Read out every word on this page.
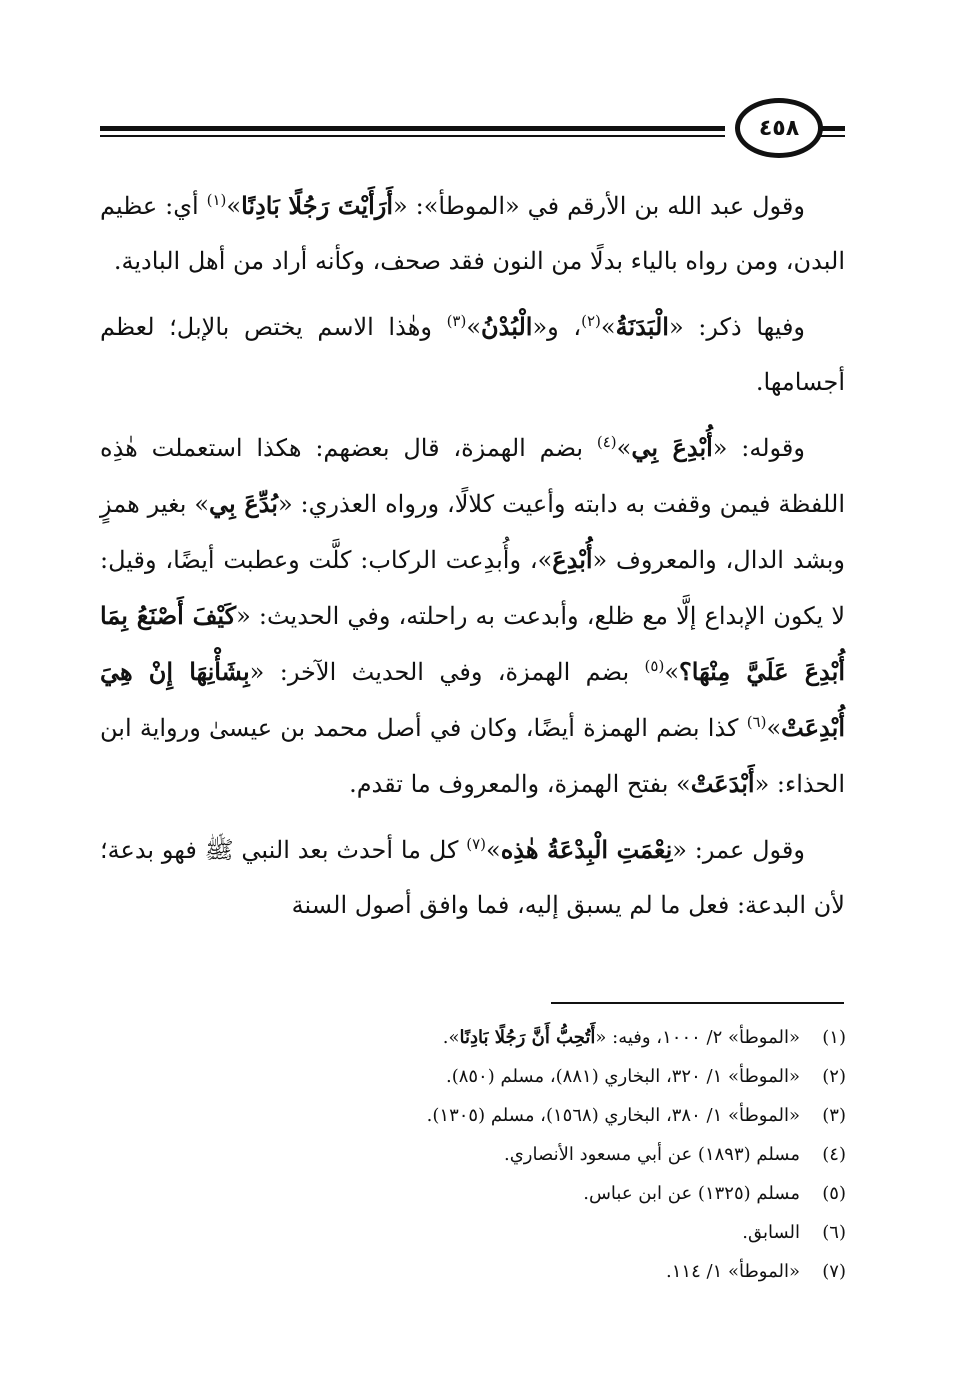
٤٥٨

وقول عبد الله بن الأرقم في «الموطأ»: «أَرَأَيْتَ رَجُلًا بَادِنًا»$^{(١)}$ أي: عظيم البدن، ومن رواه بالياء بدلًا من النون فقد صحف، وكأنه أراد من أهل البادية.

وفيها ذكر: «الْبَدَنَةُ»$^{(٢)}$، و«الْبُدْنُ»$^{(٣)}$ وهٰذا الاسم يختص بالإبل؛ لعظم أجسامها.

وقوله: «أُبْدِعَ بِي»$^{(٤)}$ بضم الهمزة، قال بعضهم: هكذا استعملت هٰذِه اللفظة فيمن وقفت به دابته وأعيت كلالًا، ورواه العذري: «بُدِّعَ بِي» بغير همزٍ وبشد الدال، والمعروف «أُبْدِعَ»، وأُبدِعت الركاب: كلَّت وعطبت أيضًا، وقيل: لا يكون الإبداع إلَّا مع ظلع، وأبدعت به راحلته، وفي الحديث: «كَيْفَ أَصْنَعُ بِمَا أُبْدِعَ عَلَيَّ مِنْهَا؟»$^{(٥)}$ بضم الهمزة، وفي الحديث الآخر: «بِشَأْنِهَا إِنْ هِيَ أُبْدِعَتْ»$^{(٦)}$ كذا بضم الهمزة أيضًا، وكان في أصل محمد بن عيسىٰ ورواية ابن الحذاء: «أَبْدَعَتْ» بفتح الهمزة، والمعروف ما تقدم.

وقول عمر: «نِعْمَتِ الْبِدْعَةُ هٰذِه»$^{(٧)}$ كل ما أحدث بعد النبي ﷺ فهو بدعة؛ لأن البدعة: فعل ما لم يسبق إليه، فما وافق أصول السنة

(١)
«الموطأ» ٢/ ١٠٠٠، وفيه: «أَتُحِبُّ أَنَّ رَجُلًا بَادِنًا».
(٢)
«الموطأ» ١/ ٣٢٠، البخاري (٨٨١)، مسلم (٨٥٠).
(٣)
«الموطأ» ١/ ٣٨٠، البخاري (١٥٦٨)، مسلم (١٣٠٥).
(٤)
مسلم (١٨٩٣) عن أبي مسعود الأنصاري.
(٥)
مسلم (١٣٢٥) عن ابن عباس.
(٦)
السابق.
(٧)
«الموطأ» ١/ ١١٤.
